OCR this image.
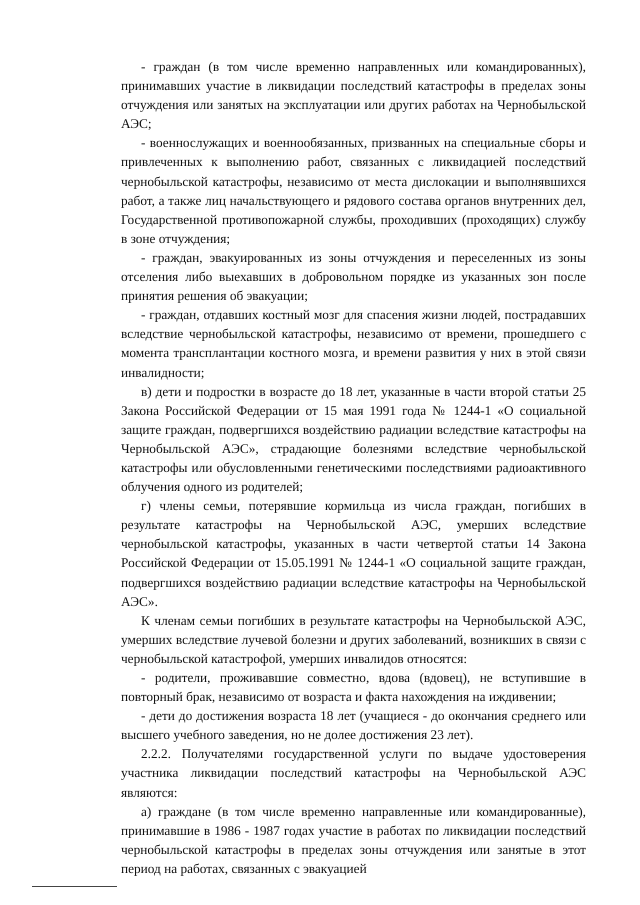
- граждан (в том числе временно направленных или командированных), принимавших участие в ликвидации последствий катастрофы в пределах зоны отчуждения или занятых на эксплуатации или других работах на Чернобыльской АЭС;

- военнослужащих и военнообязанных, призванных на специальные сборы и привлеченных к выполнению работ, связанных с ликвидацией последствий чернобыльской катастрофы, независимо от места дислокации и выполнявшихся работ, а также лиц начальствующего и рядового состава органов внутренних дел, Государственной противопожарной службы, проходивших (проходящих) службу в зоне отчуждения;

- граждан, эвакуированных из зоны отчуждения и переселенных из зоны отселения либо выехавших в добровольном порядке из указанных зон после принятия решения об эвакуации;

- граждан, отдавших костный мозг для спасения жизни людей, пострадавших вследствие чернобыльской катастрофы, независимо от времени, прошедшего с момента трансплантации костного мозга, и времени развития у них в этой связи инвалидности;

в) дети и подростки в возрасте до 18 лет, указанные в части второй статьи 25 Закона Российской Федерации от 15 мая 1991 года № 1244-1 «О социальной защите граждан, подвергшихся воздействию радиации вследствие катастрофы на Чернобыльской АЭС», страдающие болезнями вследствие чернобыльской катастрофы или обусловленными генетическими последствиями радиоактивного облучения одного из родителей;

г) члены семьи, потерявшие кормильца из числа граждан, погибших в результате катастрофы на Чернобыльской АЭС, умерших вследствие чернобыльской катастрофы, указанных в части четвертой статьи 14 Закона Российской Федерации от 15.05.1991 № 1244-1 «О социальной защите граждан, подвергшихся воздействию радиации вследствие катастрофы на Чернобыльской АЭС».

К членам семьи погибших в результате катастрофы на Чернобыльской АЭС, умерших вследствие лучевой болезни и других заболеваний, возникших в связи с чернобыльской катастрофой, умерших инвалидов относятся:

- родители, проживавшие совместно, вдова (вдовец), не вступившие в повторный брак, независимо от возраста и факта нахождения на иждивении;

- дети до достижения возраста 18 лет (учащиеся - до окончания среднего или высшего учебного заведения, но не долее достижения 23 лет).

2.2.2. Получателями государственной услуги по выдаче удостоверения участника ликвидации последствий катастрофы на Чернобыльской АЭС являются:

а) граждане (в том числе временно направленные или командированные), принимавшие в 1986 - 1987 годах участие в работах по ликвидации последствий чернобыльской катастрофы в пределах зоны отчуждения или занятые в этот период на работах, связанных с эвакуацией
